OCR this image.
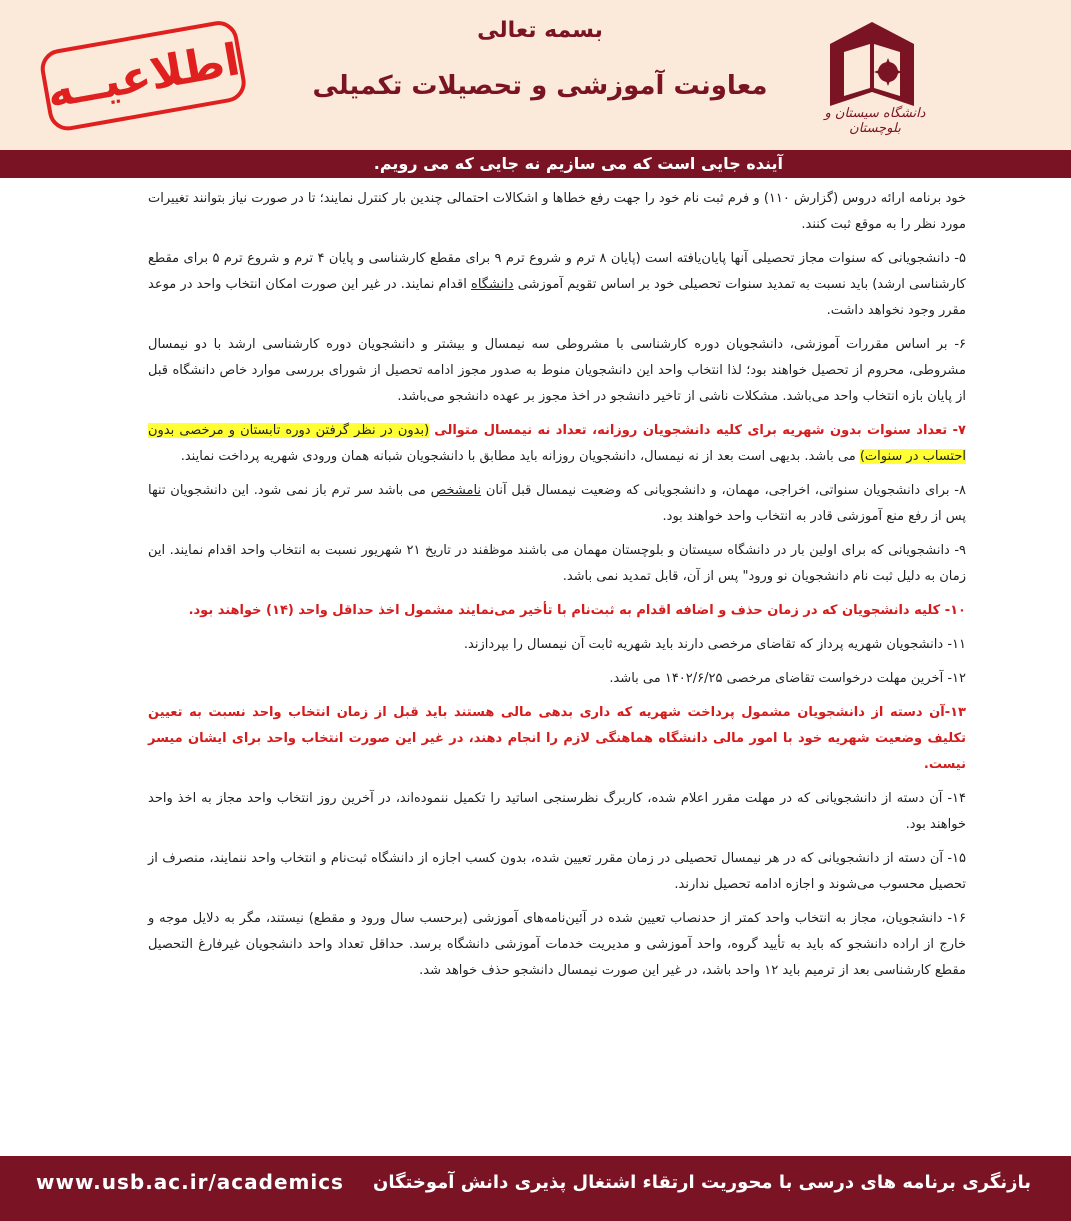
اطلاعیــه
بسمه تعالی
معاونت آموزشی و تحصیلات تکمیلی
دانشگاه سیستان و بلوچستان
آینده جایی است که می سازیم نه جایی که می رویم.

خود برنامه ارائه دروس (گزارش ۱۱۰) و فرم ثبت نام خود را جهت رفع خطاها و اشکالات احتمالی چندین بار کنترل نمایند؛ تا در صورت نیاز بتوانند تغییرات مورد نظر را به موقع ثبت کنند.

۵- دانشجویانی که سنوات مجاز تحصیلی آنها پایان‌یافته است (پایان ۸ ترم و شروع ترم ۹ برای مقطع کارشناسی و پایان ۴ ترم و شروع ترم ۵ برای مقطع کارشناسی ارشد) باید نسبت به تمدید سنوات تحصیلی خود بر اساس تقویم آموزشی دانشگاه اقدام نمایند. در غیر این صورت امکان انتخاب واحد در موعد مقرر وجود نخواهد داشت.

۶- بر اساس مقررات آموزشی، دانشجویان دوره کارشناسی با مشروطی سه نیمسال و بیشتر و دانشجویان دوره کارشناسی ارشد با دو نیمسال مشروطی، محروم از تحصیل خواهند بود؛ لذا انتخاب واحد این دانشجویان منوط به صدور مجوز ادامه تحصیل از شورای بررسی موارد خاص دانشگاه قبل از پایان بازه انتخاب واحد می‌باشد. مشکلات ناشی از تاخیر دانشجو در اخذ مجوز بر عهده دانشجو می‌باشد.

۷- تعداد سنوات بدون شهریه برای کلیه دانشجویان روزانه، تعداد نه نیمسال متوالی (بدون در نظر گرفتن دوره تابستان و مرخصی بدون احتساب در سنوات) می باشد. بدیهی است بعد از نه نیمسال، دانشجویان روزانه باید مطابق با دانشجویان شبانه همان ورودی شهریه پرداخت نمایند.

۸- برای دانشجویان سنواتی، اخراجی، مهمان، و دانشجویانی که وضعیت نیمسال قبل آنان نامشخص می باشد سر ترم باز نمی شود. این دانشجویان تنها پس از رفع منع آموزشی قادر به انتخاب واحد خواهند بود.

۹- دانشجویانی که برای اولین بار در دانشگاه سیستان و بلوچستان مهمان می باشند موظفند در تاریخ ۲۱ شهریور نسبت به انتخاب واحد اقدام نمایند. این زمان به دلیل ثبت نام دانشجویان نو ورود" پس از آن، قابل تمدید نمی باشد.

۱۰- کلیه دانشجویان که در زمان حذف و اضافه اقدام به ثبت‌نام با تأخیر می‌نمایند مشمول اخذ حداقل واحد (۱۴) خواهند بود.

۱۱- دانشجویان شهریه پرداز که تقاضای مرخصی دارند باید شهریه ثابت آن نیمسال را بپردازند.

۱۲- آخرین مهلت درخواست تقاضای مرخصی ۱۴۰۲/۶/۲۵ می باشد.

۱۳-آن دسته از دانشجویان مشمول پرداخت شهریه که داری بدهی مالی هستند باید قبل از زمان انتخاب واحد نسبت به تعیین تکلیف وضعیت شهریه خود با امور مالی دانشگاه هماهنگی لازم را انجام دهند، در غیر این صورت انتخاب واحد برای ایشان میسر نیست.

۱۴- آن دسته از دانشجویانی که در مهلت مقرر اعلام شده، کاربرگ نظرسنجی اساتید را تکمیل ننموده‌اند، در آخرین روز انتخاب واحد مجاز به اخذ واحد خواهند بود.

۱۵- آن دسته از دانشجویانی که در هر نیمسال تحصیلی در زمان مقرر تعیین شده، بدون کسب اجازه از دانشگاه ثبت‌نام و انتخاب واحد ننمایند، منصرف از تحصیل محسوب می‌شوند و اجازه ادامه تحصیل ندارند.

۱۶- دانشجویان، مجاز به انتخاب واحد کمتر از حدنصاب تعیین شده در آئین‌نامه‌های آموزشی (برحسب سال ورود و مقطع) نیستند، مگر به دلایل موجه و خارج از اراده دانشجو که باید به تأیید گروه، واحد آموزشی و مدیریت خدمات آموزشی دانشگاه برسد. حداقل تعداد واحد دانشجویان غیرفارغ التحصیل مقطع کارشناسی بعد از ترمیم باید ۱۲ واحد باشد، در غیر این صورت نیمسال دانشجو حذف خواهد شد.

www.usb.ac.ir/academics بازنگری برنامه های درسی با محوریت ارتقاء اشتغال پذیری دانش آموختگان
